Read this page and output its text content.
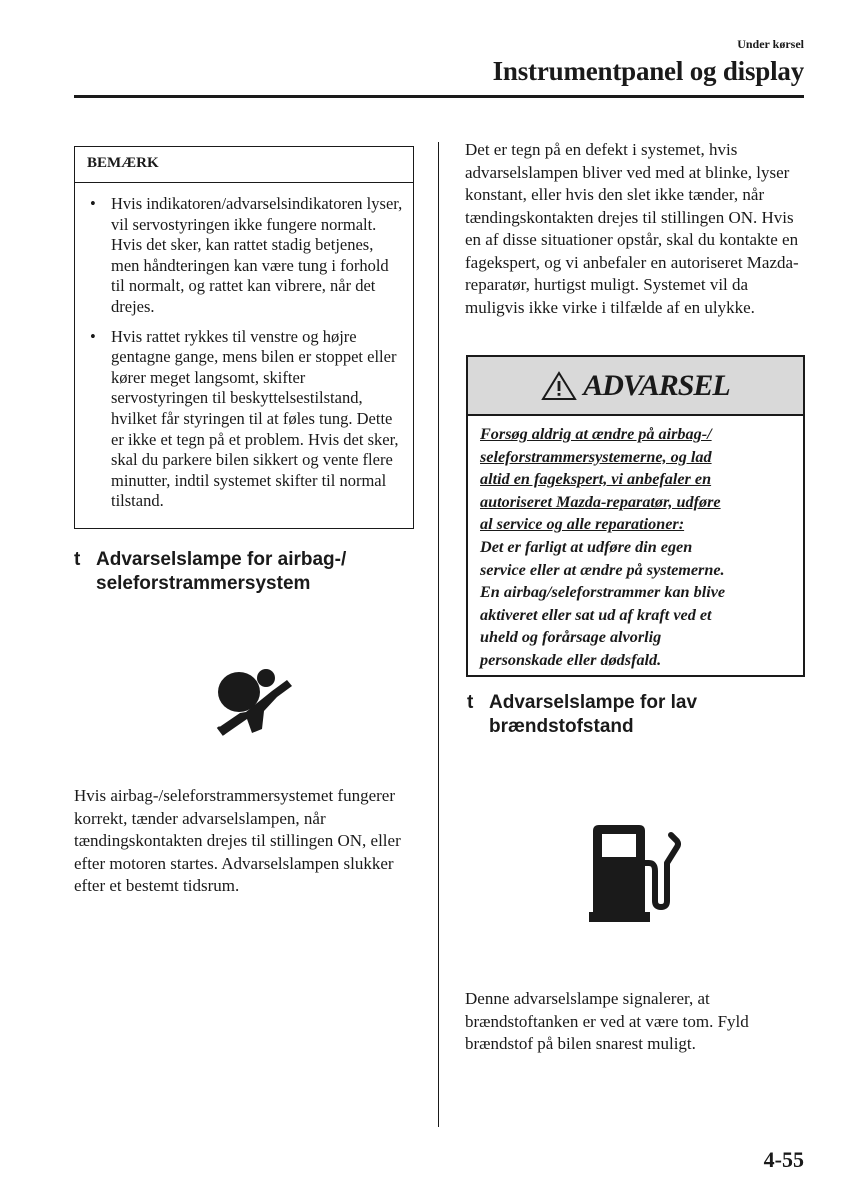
Under kørsel
Instrumentpanel og display
BEMÆRK
• Hvis indikatoren/advarselsindikatoren lyser, vil servostyringen ikke fungere normalt. Hvis det sker, kan rattet stadig betjenes, men håndteringen kan være tung i forhold til normalt, og rattet kan vibrere, når det drejes.
• Hvis rattet rykkes til venstre og højre gentagne gange, mens bilen er stoppet eller kører meget langsomt, skifter servostyringen til beskyttelsestilstand, hvilket får styringen til at føles tung. Dette er ikke et tegn på et problem. Hvis det sker, skal du parkere bilen sikkert og vente flere minutter, indtil systemet skifter til normal tilstand.
t Advarselslampe for airbag-/ seleforstrammersystem
Hvis airbag-/seleforstrammersystemet fungerer korrekt, tænder advarselslampen, når tændingskontakten drejes til stillingen ON, eller efter motoren startes. Advarselslampen slukker efter et bestemt tidsrum.
Det er tegn på en defekt i systemet, hvis advarselslampen bliver ved med at blinke, lyser konstant, eller hvis den slet ikke tænder, når tændingskontakten drejes til stillingen ON. Hvis en af disse situationer opstår, skal du kontakte en fagekspert, og vi anbefaler en autoriseret Mazda-reparatør, hurtigst muligt. Systemet vil da muligvis ikke virke i tilfælde af en ulykke.
ADVARSEL
Forsøg aldrig at ændre på airbag-/
seleforstrammersystemerne, og lad
altid en fagekspert, vi anbefaler en
autoriseret Mazda-reparatør, udføre
al service og alle reparationer:
Det er farligt at udføre din egen
service eller at ændre på systemerne.
En airbag/seleforstrammer kan blive
aktiveret eller sat ud af kraft ved et
uheld og forårsage alvorlig
personskade eller dødsfald.
t Advarselslampe for lav brændstofstand
Denne advarselslampe signalerer, at brændstoftanken er ved at være tom. Fyld brændstof på bilen snarest muligt.
4-55
